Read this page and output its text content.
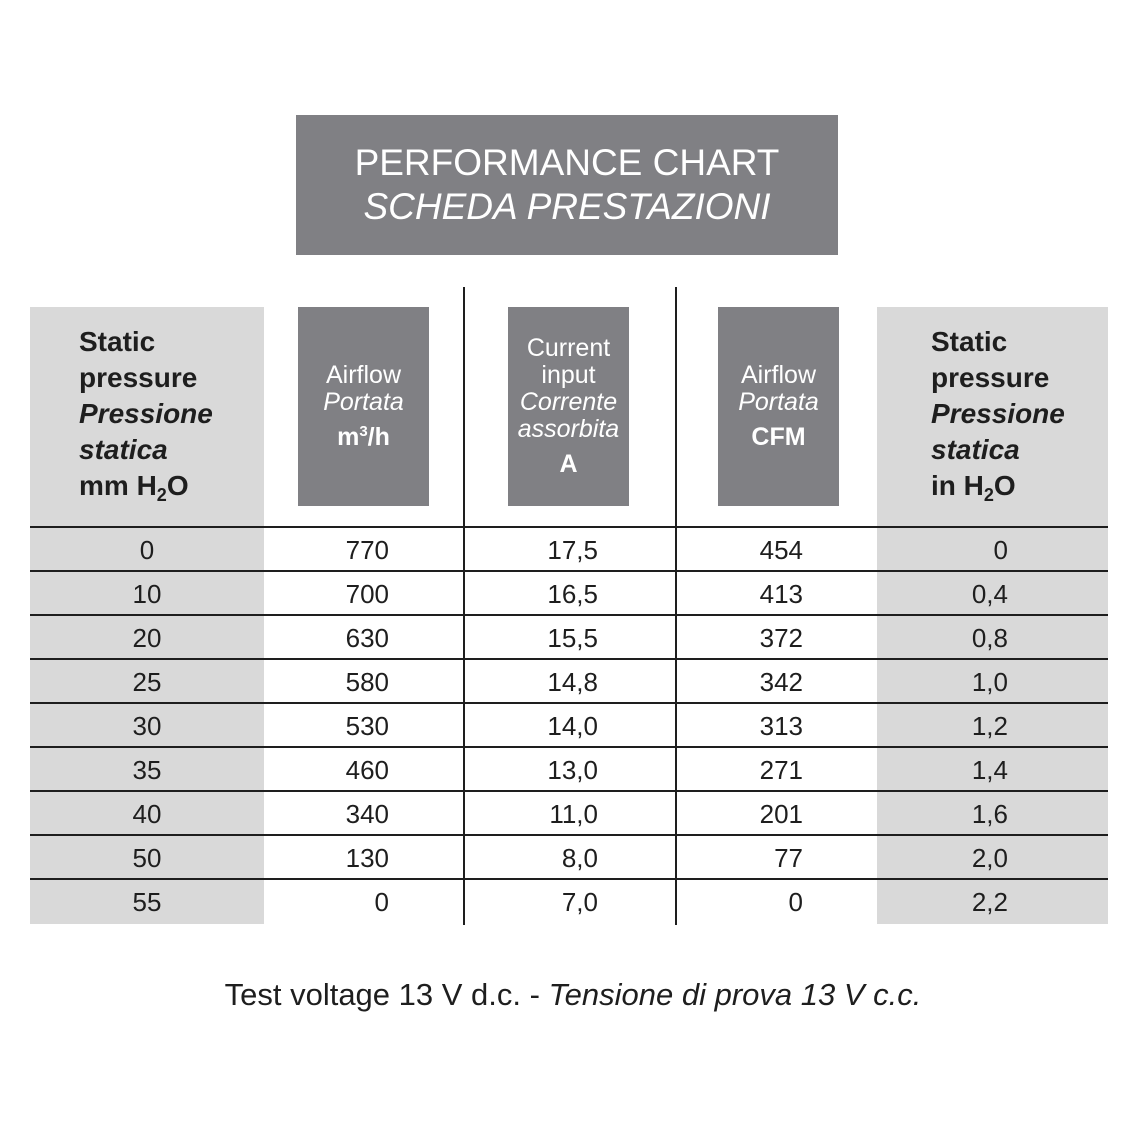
PERFORMANCE CHART
SCHEDA PRESTAZIONI
Static
pressure
Pressione
statica
mm $H_2O$
Airflow
Portata
$m^3/h$
Current
input
Corrente
assorbita
A
Airflow
Portata
CFM
Static
pressure
Pressione
statica
in $H_2O$
0	770	17,5	454	0
10	700	16,5	413	0,4
20	630	15,5	372	0,8
25	580	14,8	342	1,0
30	530	14,0	313	1,2
35	460	13,0	271	1,4
40	340	11,0	201	1,6
50	130	8,0	77	2,0
55	0	7,0	0	2,2
Test voltage 13 V d.c. - Tensione di prova 13 V c.c.
